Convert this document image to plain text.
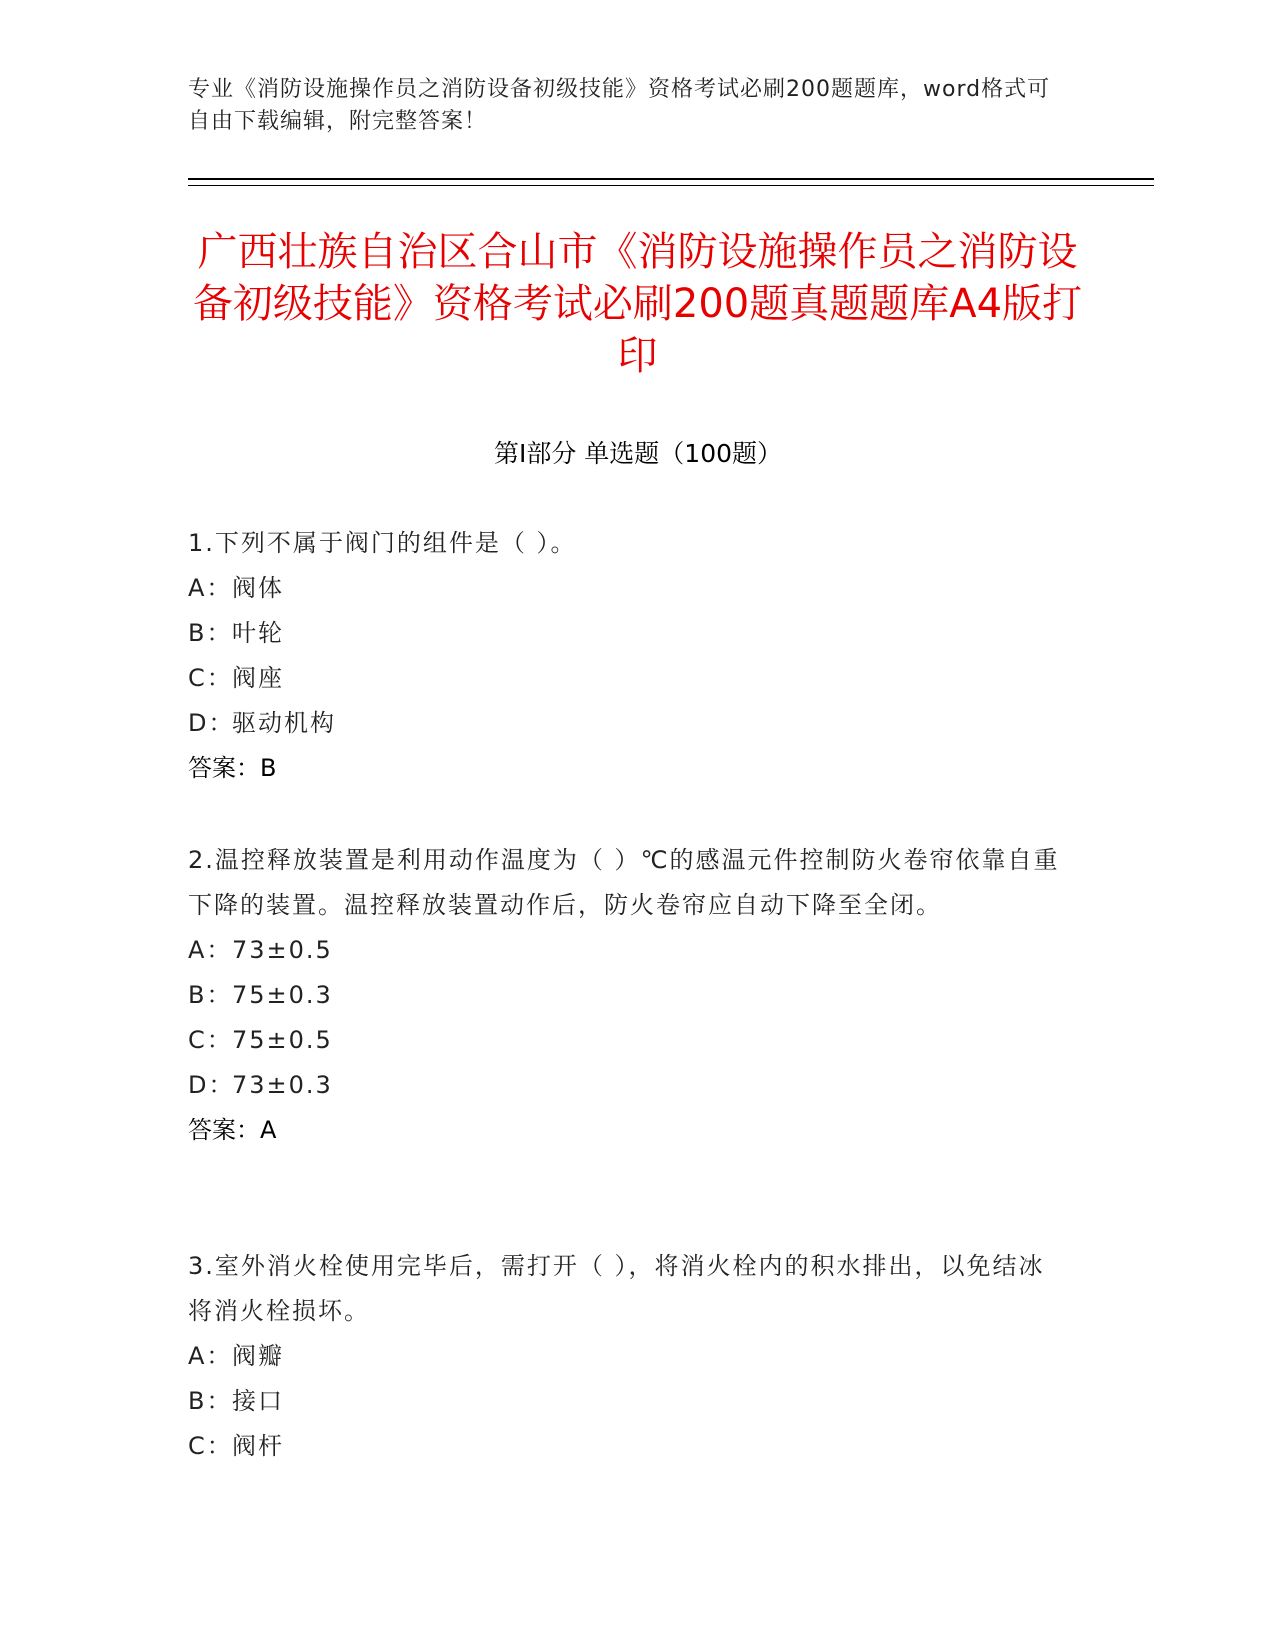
专业《消防设施操作员之消防设备初级技能》资格考试必刷200题题库，word格式可自由下载编辑，附完整答案！
广西壮族自治区合山市《消防设施操作员之消防设备初级技能》资格考试必刷200题真题题库A4版打印
第Ⅰ部分 单选题（100题）
1.下列不属于阀门的组件是（ ）。
A：阀体
B：叶轮
C：阀座
D：驱动机构
答案：B
2.温控释放装置是利用动作温度为（ ）℃的感温元件控制防火卷帘依靠自重下降的装置。温控释放装置动作后，防火卷帘应自动下降至全闭。
A：73±0.5
B：75±0.3
C：75±0.5
D：73±0.3
答案：A
3.室外消火栓使用完毕后，需打开（ ），将消火栓内的积水排出，以免结冰将消火栓损坏。
A：阀瓣
B：接口
C：阀杆
